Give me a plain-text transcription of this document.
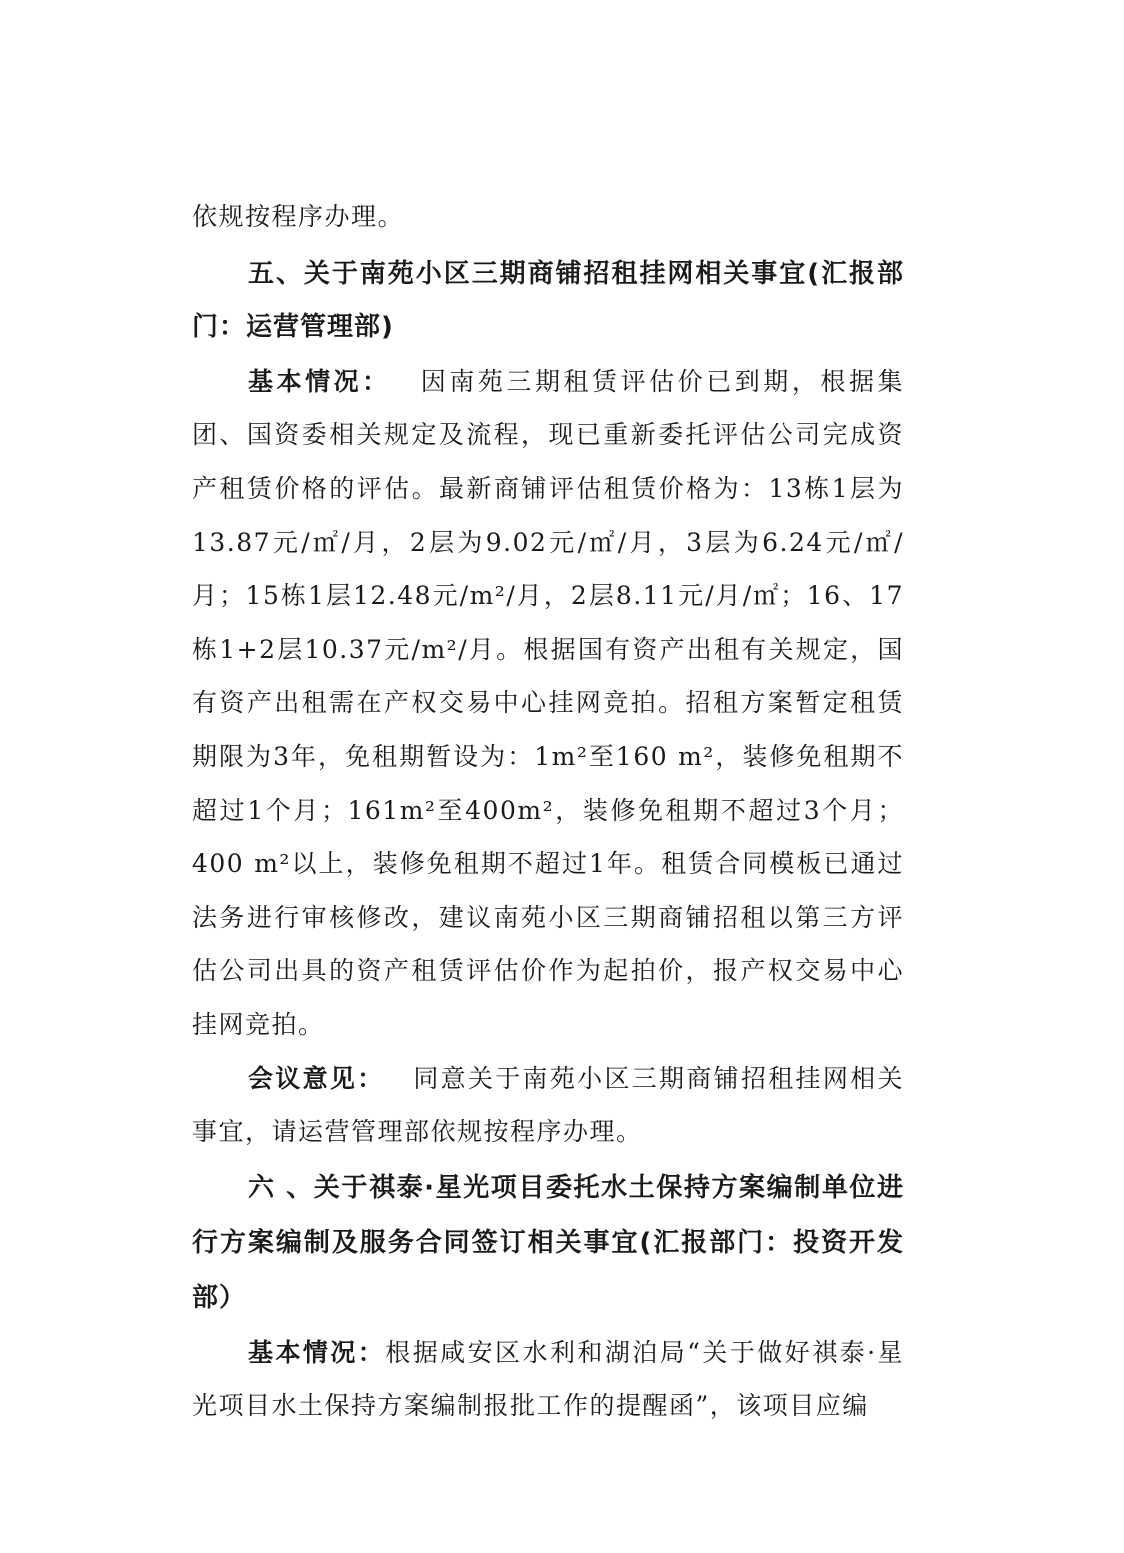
依规按程序办理。

五、关于南苑小区三期商铺招租挂网相关事宜(汇报部门：运营管理部)

基本情况： 因南苑三期租赁评估价已到期，根据集团、国资委相关规定及流程，现已重新委托评估公司完成资产租赁价格的评估。最新商铺评估租赁价格为：13栋1层为13.87元/㎡/月，2层为9.02元/㎡/月，3层为6.24元/㎡/月；15栋1层12.48元/m²/月，2层8.11元/月/㎡；16、17 栋1+2层10.37元/m²/月。根据国有资产出租有关规定，国有资产出租需在产权交易中心挂网竞拍。招租方案暂定租赁期限为3年，免租期暂设为：1m²至160 m²，装修免租期不超过1个月；161m²至400m²，装修免租期不超过3个月；400 m²以上，装修免租期不超过1年。租赁合同模板已通过法务进行审核修改，建议南苑小区三期商铺招租以第三方评估公司出具的资产租赁评估价作为起拍价，报产权交易中心挂网竞拍。

会议意见： 同意关于南苑小区三期商铺招租挂网相关事宜，请运营管理部依规按程序办理。

六 、关于祺泰·星光项目委托水土保持方案编制单位进行方案编制及服务合同签订相关事宜(汇报部门：投资开发部）

基本情况：根据咸安区水利和湖泊局“关于做好祺泰·星光项目水土保持方案编制报批工作的提醒函”，该项目应编
